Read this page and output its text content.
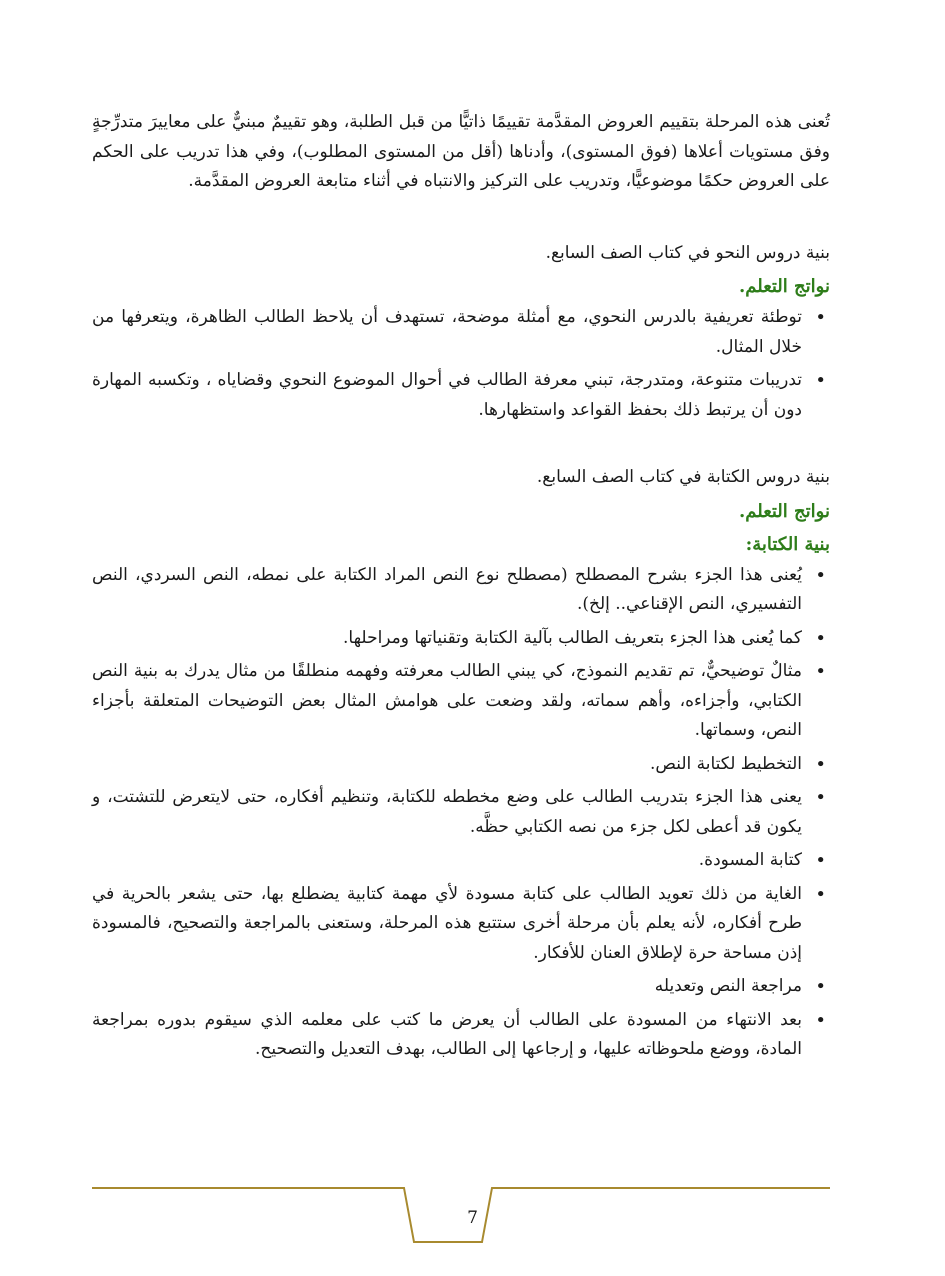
تُعنى هذه المرحلة بتقييم العروض المقدَّمة تقييمًا ذاتيًّا من قبل الطلبة، وهو تقييمٌ مبنيٌّ على معاييرَ متدرِّجةٍ وفق مستويات أعلاها (فوق المستوى)، وأدناها (أقل من المستوى المطلوب)، وفي هذا تدريب على الحكم على العروض حكمًا موضوعيًّا، وتدريب على التركيز والانتباه في أثناء متابعة العروض المقدَّمة.

بنية دروس النحو في كتاب الصف السابع.

نواتج التعلم.
• توطئة تعريفية بالدرس النحوي، مع أمثلة موضحة، تستهدف أن يلاحظ الطالب الظاهرة، ويتعرفها من خلال المثال.
• تدريبات متنوعة، ومتدرجة، تبني معرفة الطالب في أحوال الموضوع النحوي وقضاياه ، وتكسبه المهارة دون أن يرتبط ذلك بحفظ القواعد واستظهارها.

بنية دروس الكتابة في كتاب الصف السابع.

نواتج التعلم.
بنية الكتابة:
• يُعنى هذا الجزء بشرح المصطلح (مصطلح نوع النص المراد الكتابة على نمطه، النص السردي، النص التفسيري، النص الإقناعي.. إلخ).
• كما يُعنى هذا الجزء بتعريف الطالب بآلية الكتابة وتقنياتها ومراحلها.
• مثالٌ توضيحيٌّ، تم تقديم النموذج، كي يبني الطالب معرفته وفهمه منطلقًا من مثال يدرك به بنية النص الكتابي، وأجزاءه، وأهم سماته، ولقد وضعت على هوامش المثال بعض التوضيحات المتعلقة بأجزاء النص، وسماتها.
• التخطيط لكتابة النص.
• يعنى هذا الجزء بتدريب الطالب على وضع مخططه للكتابة، وتنظيم أفكاره، حتى لايتعرض للتشتت، و يكون قد أعطى لكل جزء من نصه الكتابي حظَّه.
• كتابة المسودة.
• الغاية من ذلك تعويد الطالب على كتابة مسودة لأي مهمة كتابية يضطلع بها، حتى يشعر بالحرية في طرح أفكاره، لأنه يعلم بأن مرحلة أخرى ستتبع هذه المرحلة، وستعنى بالمراجعة والتصحيح، فالمسودة إذن مساحة حرة لإطلاق العنان للأفكار.
• مراجعة النص وتعديله
• بعد الانتهاء من المسودة على الطالب أن يعرض ما كتب على معلمه الذي سيقوم بدوره بمراجعة المادة، ووضع ملحوظاته عليها، و إرجاعها إلى الطالب، بهدف التعديل والتصحيح.
7
